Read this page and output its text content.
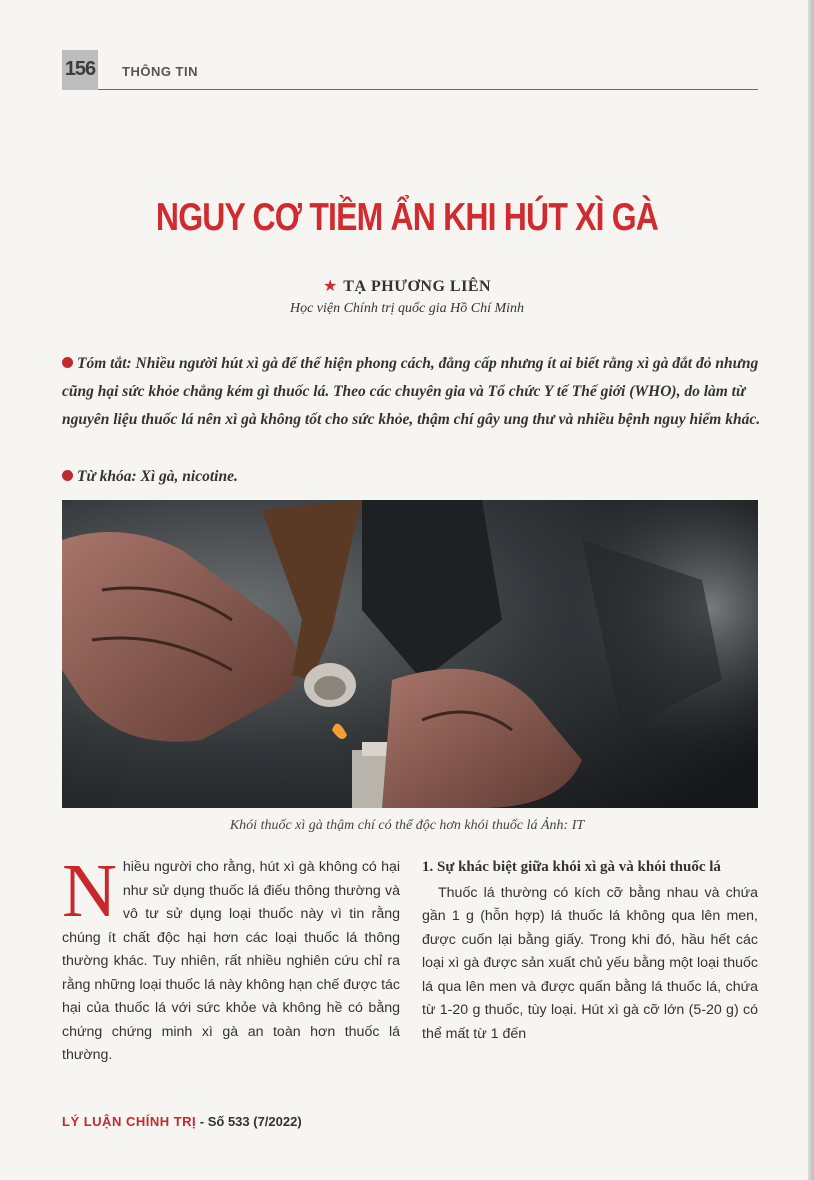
156 THÔNG TIN
NGUY CƠ TIỀM ẨN KHI HÚT XÌ GÀ
★ TẠ PHƯƠNG LIÊN
Học viện Chính trị quốc gia Hồ Chí Minh
Tóm tắt: Nhiều người hút xì gà để thể hiện phong cách, đẳng cấp nhưng ít ai biết rằng xì gà đắt đỏ nhưng cũng hại sức khỏe chẳng kém gì thuốc lá. Theo các chuyên gia và Tổ chức Y tế Thế giới (WHO), do làm từ nguyên liệu thuốc lá nên xì gà không tốt cho sức khỏe, thậm chí gây ung thư và nhiều bệnh nguy hiểm khác.
Từ khóa: Xì gà, nicotine.
Khói thuốc xì gà thậm chí có thể độc hơn khói thuốc lá Ảnh: IT
Nhiều người cho rằng, hút xì gà không có hại như sử dụng thuốc lá điếu thông thường và vô tư sử dụng loại thuốc này vì tin rằng chúng ít chất độc hại hơn các loại thuốc lá thông thường khác. Tuy nhiên, rất nhiều nghiên cứu chỉ ra rằng những loại thuốc lá này không hạn chế được tác hại của thuốc lá với sức khỏe và không hề có bằng chứng chứng minh xì gà an toàn hơn thuốc lá thường.
1. Sự khác biệt giữa khói xì gà và khói thuốc lá

Thuốc lá thường có kích cỡ bằng nhau và chứa gần 1 g (hỗn hợp) lá thuốc lá không qua lên men, được cuốn lại bằng giấy. Trong khi đó, hầu hết các loại xì gà được sản xuất chủ yếu bằng một loại thuốc lá qua lên men và được quấn bằng lá thuốc lá, chứa từ 1-20 g thuốc, tùy loại. Hút xì gà cỡ lớn (5-20 g) có thể mất từ 1 đến

LÝ LUẬN CHÍNH TRỊ - Số 533 (7/2022)
